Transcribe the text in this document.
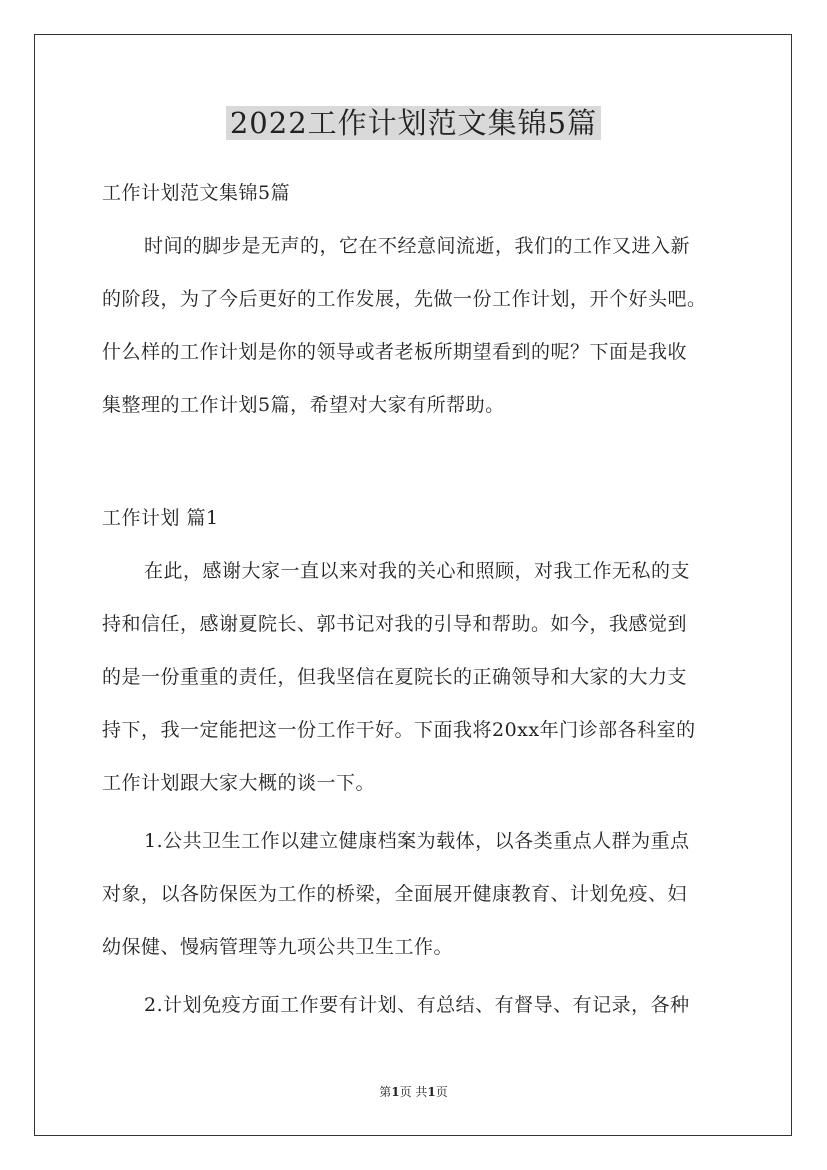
2022工作计划范文集锦5篇
工作计划范文集锦5篇
时间的脚步是无声的，它在不经意间流逝，我们的工作又进入新
的阶段，为了今后更好的工作发展，先做一份工作计划，开个好头吧。
什么样的工作计划是你的领导或者老板所期望看到的呢？下面是我收
集整理的工作计划5篇，希望对大家有所帮助。
工作计划 篇1
在此，感谢大家一直以来对我的关心和照顾，对我工作无私的支
持和信任，感谢夏院长、郭书记对我的引导和帮助。如今，我感觉到
的是一份重重的责任，但我坚信在夏院长的正确领导和大家的大力支
持下，我一定能把这一份工作干好。下面我将20xx年门诊部各科室的
工作计划跟大家大概的谈一下。
1.公共卫生工作以建立健康档案为载体，以各类重点人群为重点
对象，以各防保医为工作的桥梁，全面展开健康教育、计划免疫、妇
幼保健、慢病管理等九项公共卫生工作。
2.计划免疫方面工作要有计划、有总结、有督导、有记录，各种
第1页 共1页
